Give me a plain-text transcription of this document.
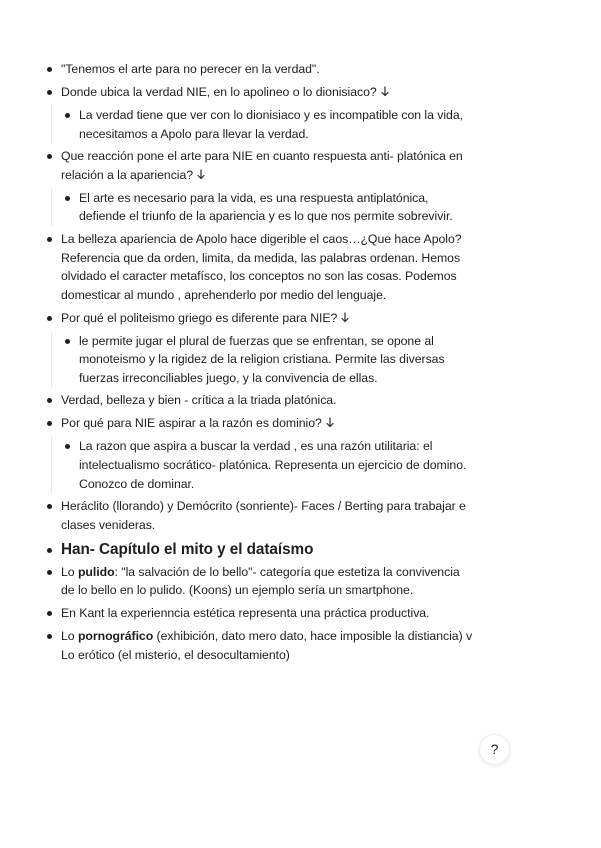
"Tenemos el arte para no perecer en la verdad".
Donde ubica la verdad NIE, en lo apolineo o lo dionisiaco?
La verdad tiene que ver con lo dionisiaco y es incompatible con la vida, necesitamos a Apolo para llevar la verdad.
Que reacción pone el arte para NIE en cuanto respuesta anti- platónica en relación a la apariencia?
El arte es necesario para la vida, es una respuesta antiplatónica, defiende el triunfo de la apariencia y es lo que nos permite sobrevivir.
La belleza apariencia de Apolo hace digerible el caos…¿Que hace Apolo? Referencia que da orden, limita, da medida, las palabras ordenan. Hemos olvidado el caracter metafísco, los conceptos no son las cosas. Podemos domesticar al mundo , aprehenderlo por medio del lenguaje.
Por qué el politeismo griego es diferente para NIE?
le permite jugar el plural de fuerzas que se enfrentan, se opone al monoteismo y la rigidez de la religion cristiana. Permite las diversas fuerzas irreconciliables juego, y la convivencia de ellas.
Verdad, belleza y bien - crítica a la triada platónica.
Por qué para NIE aspirar a la razón es dominio?
La razon que aspira a buscar la verdad , es una razón utilitaria: el intelectualismo socrático- platónica. Representa un ejercicio de domino. Conozco de dominar.
Heráclito (llorando) y Demócrito (sonriente)- Faces / Berting para trabajar e clases venideras.
Han- Capítulo el mito y el dataísmo
Lo pulido: "la salvación de lo bello"- categoría que estetiza la convivencia de lo bello en lo pulido. (Koons) un ejemplo sería un smartphone.
En Kant la experienncia estética representa una práctica productiva.
Lo pornográfico (exhibición, dato mero dato, hace imposible la distiancia) v Lo erótico (el misterio, el desocultamiento)
?
